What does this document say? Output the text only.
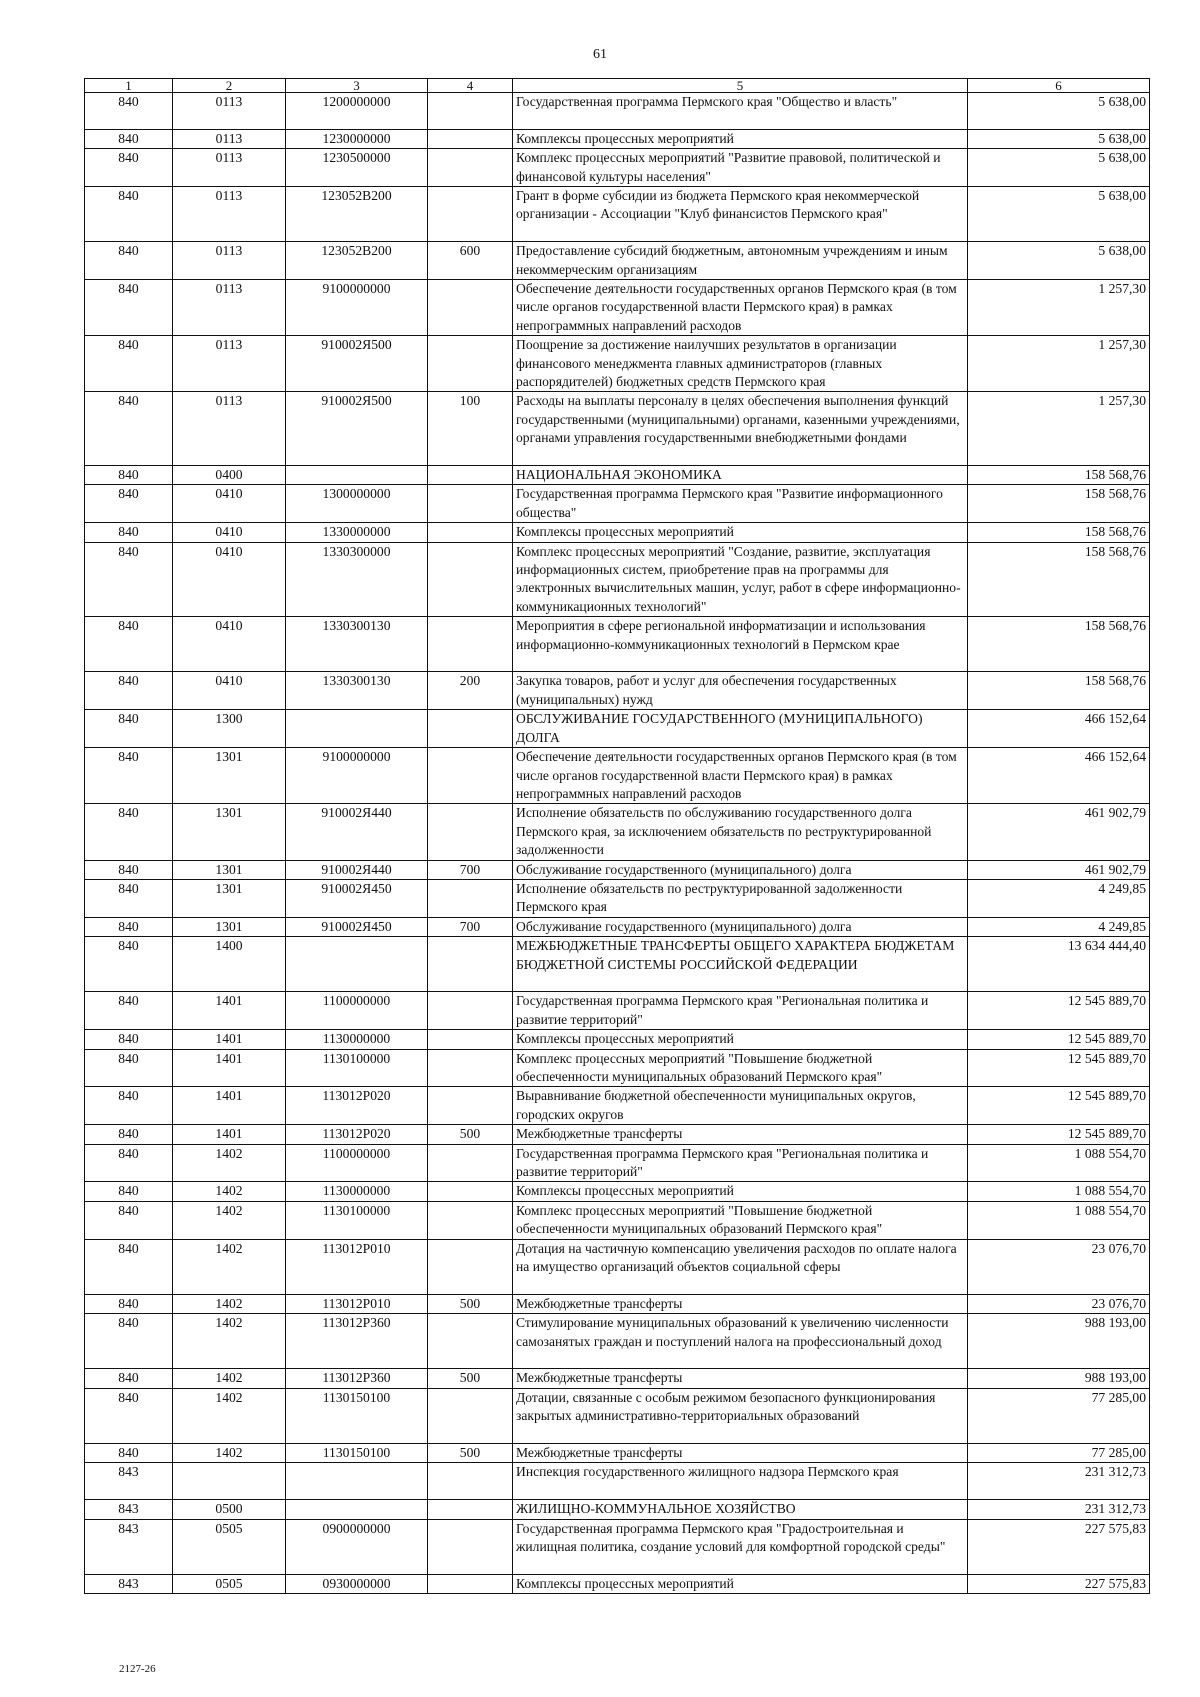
61
1	2	3	4	5	6
840	0113	1200000000		Государственная программа Пермского края "Общество и власть"	5 638,00
840	0113	1230000000		Комплексы процессных мероприятий	5 638,00
840	0113	1230500000		Комплекс процессных мероприятий "Развитие правовой, политической и финансовой культуры населения"	5 638,00
840	0113	123052В200		Грант в форме субсидии из бюджета Пермского края некоммерческой организации - Ассоциации "Клуб финансистов Пермского края"	5 638,00
840	0113	123052В200	600	Предоставление субсидий бюджетным, автономным учреждениям и иным некоммерческим организациям	5 638,00
840	0113	9100000000		Обеспечение деятельности государственных органов Пермского края (в том числе органов государственной власти Пермского края) в рамках непрограммных направлений расходов	1 257,30
840	0113	910002Я500		Поощрение за достижение наилучших результатов в организации финансового менеджмента главных администраторов (главных распорядителей) бюджетных средств Пермского края	1 257,30
840	0113	910002Я500	100	Расходы на выплаты персоналу в целях обеспечения выполнения функций государственными (муниципальными) органами, казенными учреждениями, органами управления государственными внебюджетными фондами	1 257,30
840	0400			НАЦИОНАЛЬНАЯ ЭКОНОМИКА	158 568,76
840	0410	1300000000		Государственная программа Пермского края "Развитие информационного общества"	158 568,76
840	0410	1330000000		Комплексы процессных мероприятий	158 568,76
840	0410	1330300000		Комплекс процессных мероприятий "Создание, развитие, эксплуатация информационных систем, приобретение прав на программы для электронных вычислительных машин, услуг, работ в сфере информационно-коммуникационных технологий"	158 568,76
840	0410	1330300130		Мероприятия в сфере региональной информатизации и использования информационно-коммуникационных технологий в Пермском крае	158 568,76
840	0410	1330300130	200	Закупка товаров, работ и услуг для обеспечения государственных (муниципальных) нужд	158 568,76
840	1300			ОБСЛУЖИВАНИЕ ГОСУДАРСТВЕННОГО (МУНИЦИПАЛЬНОГО) ДОЛГА	466 152,64
840	1301	9100000000		Обеспечение деятельности государственных органов Пермского края (в том числе органов государственной власти Пермского края) в рамках непрограммных направлений расходов	466 152,64
840	1301	910002Я440		Исполнение обязательств по обслуживанию государственного долга Пермского края, за исключением обязательств по реструктурированной задолженности	461 902,79
840	1301	910002Я440	700	Обслуживание государственного (муниципального) долга	461 902,79
840	1301	910002Я450		Исполнение обязательств по реструктурированной задолженности Пермского края	4 249,85
840	1301	910002Я450	700	Обслуживание государственного (муниципального) долга	4 249,85
840	1400			МЕЖБЮДЖЕТНЫЕ ТРАНСФЕРТЫ ОБЩЕГО ХАРАКТЕРА БЮДЖЕТАМ БЮДЖЕТНОЙ СИСТЕМЫ РОССИЙСКОЙ ФЕДЕРАЦИИ	13 634 444,40
840	1401	1100000000		Государственная программа Пермского края "Региональная политика и развитие территорий"	12 545 889,70
840	1401	1130000000		Комплексы процессных мероприятий	12 545 889,70
840	1401	1130100000		Комплекс процессных мероприятий "Повышение бюджетной обеспеченности муниципальных образований Пермского края"	12 545 889,70
840	1401	113012Р020		Выравнивание бюджетной обеспеченности муниципальных округов, городских округов	12 545 889,70
840	1401	113012Р020	500	Межбюджетные трансферты	12 545 889,70
840	1402	1100000000		Государственная программа Пермского края "Региональная политика и развитие территорий"	1 088 554,70
840	1402	1130000000		Комплексы процессных мероприятий	1 088 554,70
840	1402	1130100000		Комплекс процессных мероприятий "Повышение бюджетной обеспеченности муниципальных образований Пермского края"	1 088 554,70
840	1402	113012Р010		Дотация на частичную компенсацию увеличения расходов по оплате налога на имущество организаций объектов социальной сферы	23 076,70
840	1402	113012Р010	500	Межбюджетные трансферты	23 076,70
840	1402	113012Р360		Стимулирование муниципальных образований к увеличению численности самозанятых граждан и поступлений налога на профессиональный доход	988 193,00
840	1402	113012Р360	500	Межбюджетные трансферты	988 193,00
840	1402	1130150100		Дотации, связанные с особым режимом безопасного функционирования закрытых административно-территориальных образований	77 285,00
840	1402	1130150100	500	Межбюджетные трансферты	77 285,00
843				Инспекция государственного жилищного надзора Пермского края	231 312,73
843	0500			ЖИЛИЩНО-КОММУНАЛЬНОЕ ХОЗЯЙСТВО	231 312,73
843	0505	0900000000		Государственная программа Пермского края "Градостроительная и жилищная политика, создание условий для комфортной городской среды"	227 575,83
843	0505	0930000000		Комплексы процессных мероприятий	227 575,83
2127-26
